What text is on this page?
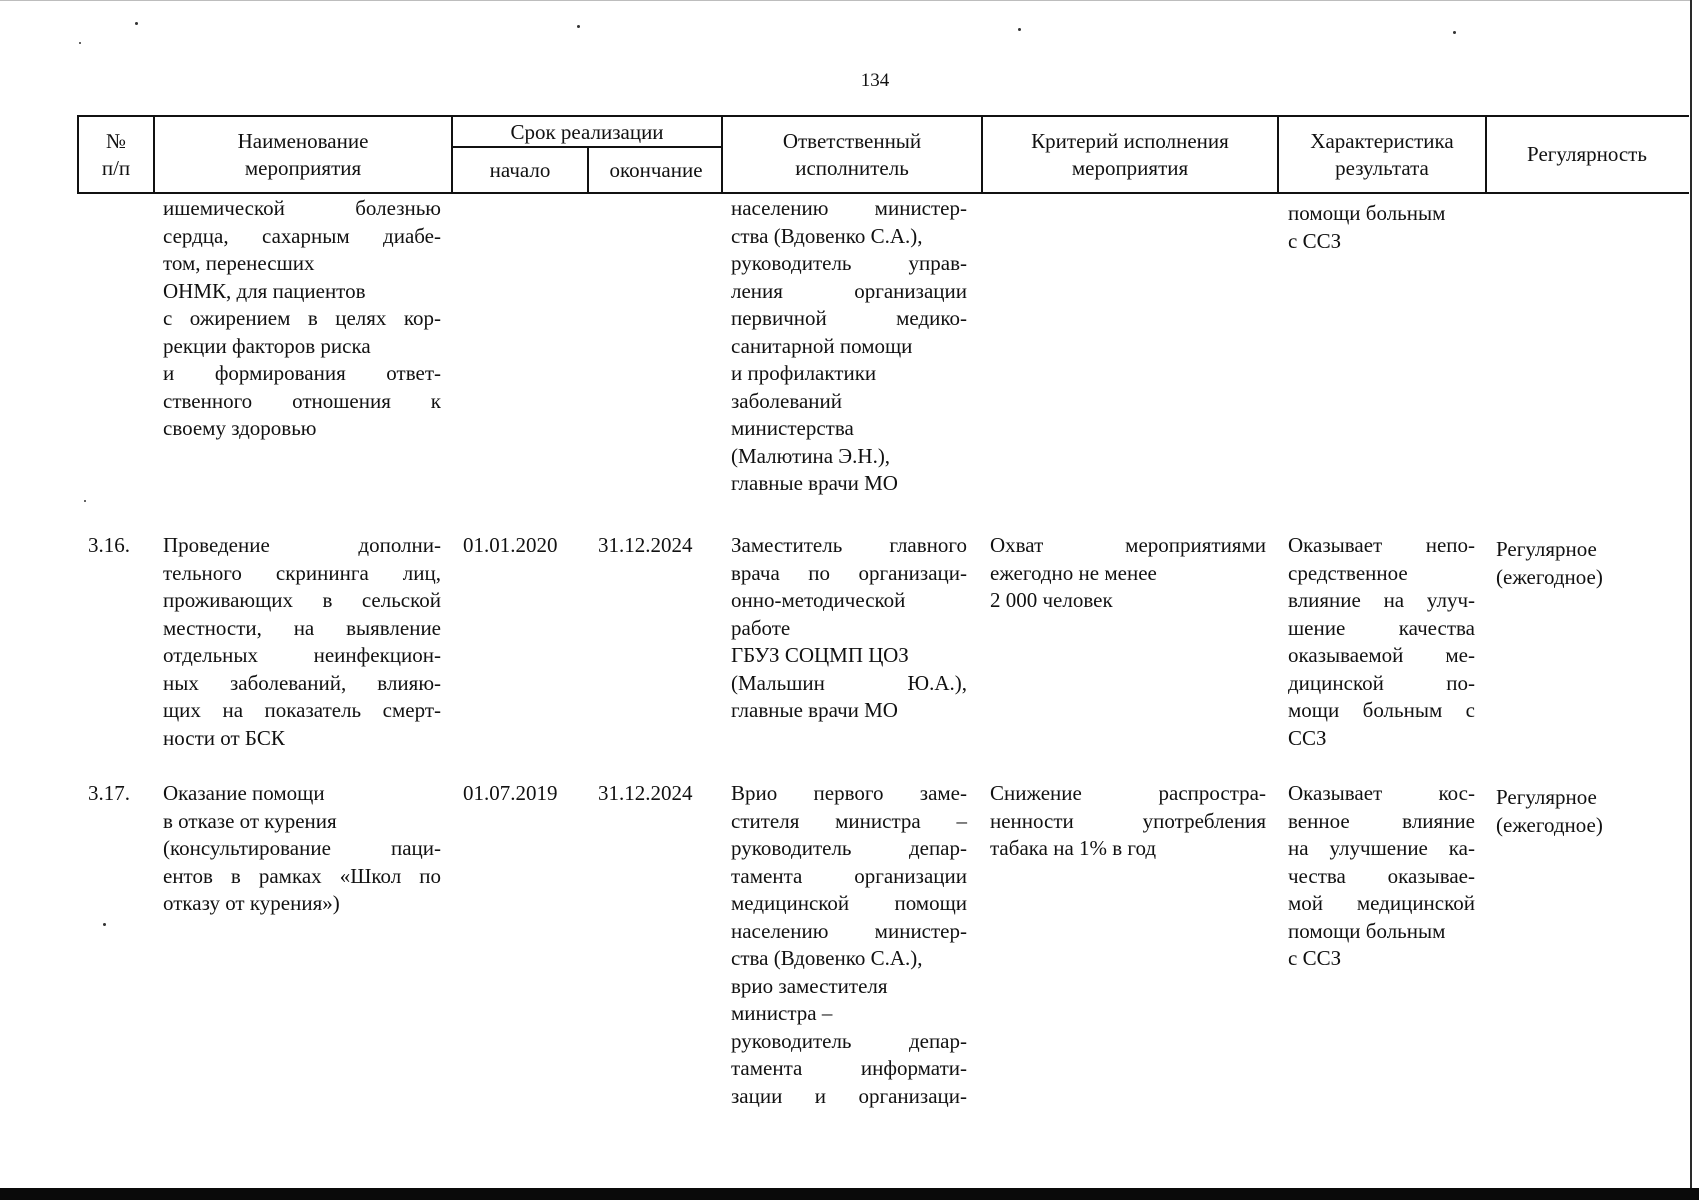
134
№ п/п
Наименование мероприятия
Срок реализации
начало	окончание
Ответственный исполнитель
Критерий исполнения мероприятия
Характеристика результата
Регулярность
ишемической болезнью
сердца, сахарным диабе-
том, перенесших
ОНМК, для пациентов
с ожирением в целях кор-
рекции факторов риска
и формирования ответ-
ственного отношения к
своему здоровью
населению министер-
ства (Вдовенко С.А.),
руководитель управ-
ления организации
первичной медико-
санитарной помощи
и профилактики
заболеваний
министерства
(Малютина Э.Н.),
главные врачи МО
помощи больным
с ССЗ
3.16. Проведение дополни-
тельного скрининга лиц,
проживающих в сельской
местности, на выявление
отдельных неинфекцион-
ных заболеваний, влияю-
щих на показатель смерт-
ности от БСК
01.01.2020 31.12.2024 Заместитель главного
врача по организаци-
онно-методической
работе
ГБУЗ СОЦМП ЦОЗ
(Мальшин Ю.А.),
главные врачи МО
Охват мероприятиями
ежегодно не менее
2 000 человек
Оказывает непо-
средственное
влияние на улуч-
шение качества
оказываемой ме-
дицинской по-
мощи больным с
ССЗ
Регулярное
(ежегодное)
3.17. Оказание помощи
в отказе от курения
(консультирование паци-
ентов в рамках «Школ по
отказу от курения»)
01.07.2019 31.12.2024 Врио первого заме-
стителя министра –
руководитель депар-
тамента организации
медицинской помощи
населению министер-
ства (Вдовенко С.А.),
врио заместителя
министра –
руководитель депар-
тамента информати-
зации и организаци-
Снижение распростра-
ненности употребления
табака на 1% в год
Оказывает кос-
венное влияние
на улучшение ка-
чества оказывае-
мой медицинской
помощи больным
с ССЗ
Регулярное
(ежегодное)
